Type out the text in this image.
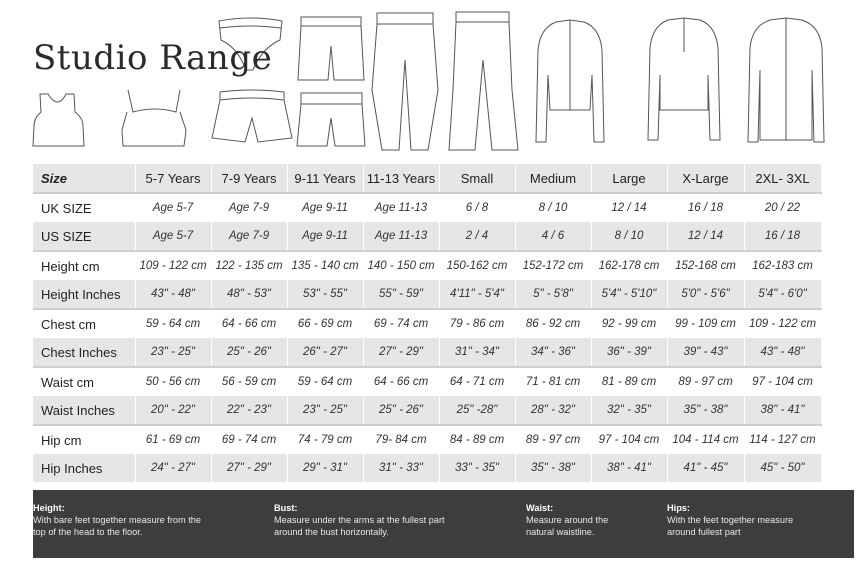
Studio Range
Size	5-7 Years	7-9 Years	9-11 Years	11-13 Years	Small	Medium	Large	X-Large	2XL- 3XL
UK SIZE	Age 5-7	Age 7-9	Age 9-11	Age 11-13	6 / 8	8 / 10	12 / 14	16 / 18	20 / 22
US SIZE	Age 5-7	Age 7-9	Age 9-11	Age 11-13	2 / 4	4 / 6	8 / 10	12 / 14	16 / 18
Height cm	109 - 122 cm	122 - 135 cm	135 - 140 cm	140 - 150 cm	150-162 cm	152-172 cm	162-178 cm	152-168 cm	162-183 cm
Height Inches	43" - 48"	48" - 53"	53" - 55"	55" - 59"	4'11" - 5'4"	5" - 5'8"	5'4" - 5'10"	5'0" - 5'6"	5'4" - 6'0"
Chest cm	59 - 64 cm	64 - 66 cm	66 - 69 cm	69 - 74 cm	79 - 86 cm	86 - 92 cm	92 - 99 cm	99 - 109 cm	109 - 122 cm
Chest Inches	23" - 25"	25" - 26"	26" - 27"	27" - 29"	31" - 34"	34" - 36"	36" - 39"	39" - 43"	43" - 48"
Waist cm	50 - 56 cm	56 - 59 cm	59 - 64 cm	64 - 66 cm	64 - 71 cm	71 - 81 cm	81 - 89 cm	89 - 97 cm	97 - 104 cm
Waist Inches	20" - 22"	22" - 23"	23" - 25"	25" - 26"	25" -28"	28" - 32"	32" - 35"	35" - 38"	38" - 41"
Hip cm	61 - 69 cm	69 - 74 cm	74 - 79 cm	79- 84 cm	84 - 89 cm	89 - 97 cm	97 - 104 cm	104 - 114 cm	114 - 127 cm
Hip Inches	24" - 27"	27" - 29"	29" - 31"	31" - 33"	33" - 35"	35" - 38"	38" - 41"	41" - 45"	45" - 50"
Height:
With bare feet together measure from the
top of the head to the floor.
Bust:
Measure under the arms at the fullest part
around the bust horizontally.
Waist:
Measure around the
natural waistline.
Hips:
With the feet together measure
around fullest part
